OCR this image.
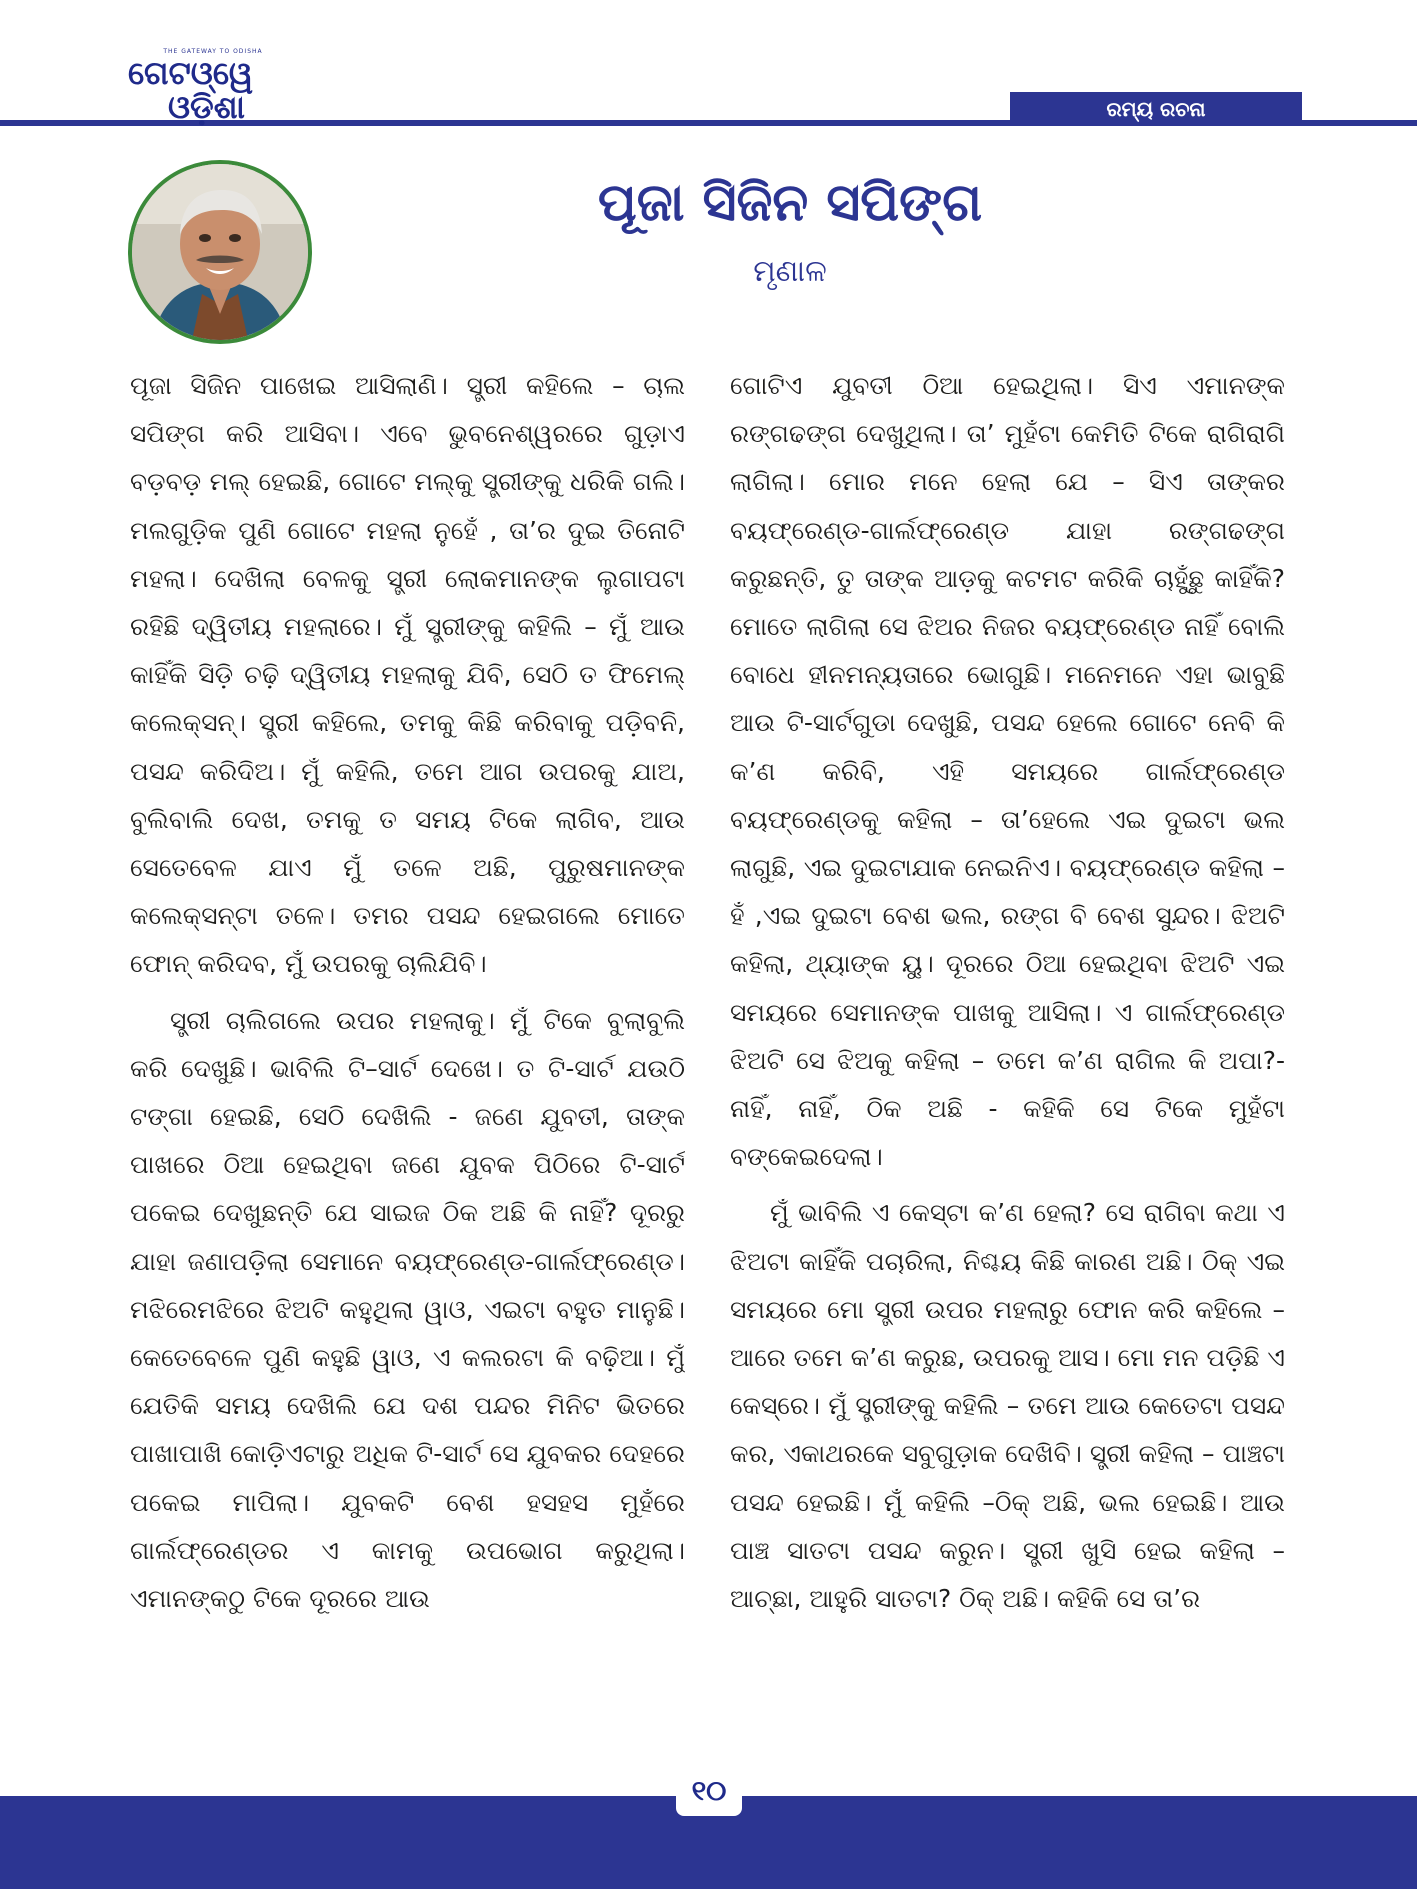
THE GATEWAY TO ODISHA
ଗେଟଓ୍ୱେ
ଓଡ଼ିଶା	ରମ୍ୟ ରଚନା
ପୂଜା ସିଜିନ ସପିଙ୍ଗ
ମୃଣାଳ

ପୂଜା ସିଜିନ ପାଖେଇ ଆସିଲାଣି। ସ୍ତ୍ରୀ କହିଲେ – ଚାଲ ସପିଙ୍ଗ କରି ଆସିବା। ଏବେ ଭୁବନେଶ୍ୱରରେ ଗୁଡ଼ାଏ ବଡ଼ବଡ଼ ମଲ୍ ହେଇଛି, ଗୋଟେ ମଲ୍‌କୁ ସ୍ତ୍ରୀଙ୍କୁ ଧରିକି ଗଲି। ମଲଗୁଡ଼ିକ ପୁଣି ଗୋଟେ ମହଲା ନୁହେଁ , ତା’ର ଦୁଇ ତିନୋଟି ମହଲା। ଦେଖିଲା ବେଳକୁ ସ୍ତ୍ରୀ ଲୋକମାନଙ୍କ ଲୁଗାପଟା ରହିଛି ଦ୍ୱିତୀୟ ମହଲାରେ। ମୁଁ ସ୍ତ୍ରୀଙ୍କୁ କହିଲି – ମୁଁ ଆଉ କାହିଁକି ସିଡ଼ି ଚଢ଼ି ଦ୍ୱିତୀୟ ମହଲାକୁ ଯିବି, ସେଠି ତ ଫିମେଲ୍ କଲେକ୍ସନ୍। ସ୍ତ୍ରୀ କହିଲେ, ତମକୁ କିଛି କରିବାକୁ ପଡ଼ିବନି, ପସନ୍ଦ କରିଦିଅ। ମୁଁ କହିଲି, ତମେ ଆଗ ଉପରକୁ ଯାଅ, ବୁଲିବାଲି ଦେଖ, ତମକୁ ତ ସମୟ ଟିକେ ଲାଗିବ, ଆଉ ସେତେବେଳ ଯାଏ ମୁଁ ତଳେ ଅଛି, ପୁରୁଷମାନଙ୍କ କଲେକ୍ସନ୍‌ଟା ତଳେ। ତମର ପସନ୍ଦ ହେଇଗଲେ ମୋତେ ଫୋନ୍ କରିଦବ, ମୁଁ ଉପରକୁ ଚାଲିଯିବି।

ସ୍ତ୍ରୀ ଚାଲିଗଲେ ଉପର ମହଲାକୁ। ମୁଁ ଟିକେ ବୁଲାବୁଲି କରି ଦେଖୁଛି। ଭାବିଲି ଟି–ସାର୍ଟ ଦେଖେ। ତ ଟି-ସାର୍ଟ ଯଉଠି ଟଙ୍ଗା ହେଇଛି, ସେଠି ଦେଖିଲି - ଜଣେ ଯୁବତୀ, ତାଙ୍କ ପାଖରେ ଠିଆ ହେଇଥିବା ଜଣେ ଯୁବକ ପିଠିରେ ଟି-ସାର୍ଟ ପକେଇ ଦେଖୁଛନ୍ତି ଯେ ସାଇଜ ଠିକ ଅଛି କି ନାହିଁ? ଦୂରରୁ ଯାହା ଜଣାପଡ଼ିଲା ସେମାନେ ବୟଫ୍ରେଣ୍ଡ-ଗାର୍ଲଫ୍ରେଣ୍ଡ। ମଝିରେମଝିରେ ଝିଅଟି କହୁଥିଲା ୱାଓ, ଏଇଟା ବହୁତ ମାନୁଛି। କେତେବେଳେ ପୁଣି କହୁଛି ୱାଓ, ଏ କଲରଟା କି ବଢ଼ିଆ। ମୁଁ ଯେତିକି ସମୟ ଦେଖିଲି ଯେ ଦଶ ପନ୍ଦର ମିନିଟ ଭିତରେ ପାଖାପାଖି କୋଡ଼ିଏଟାରୁ ଅଧିକ ଟି-ସାର୍ଟ ସେ ଯୁବକର ଦେହରେ ପକେଇ ମାପିଲା। ଯୁବକଟି ବେଶ ହସହସ ମୁହଁରେ ଗାର୍ଲଫ୍ରେଣ୍ଡର ଏ କାମକୁ ଉପଭୋଗ କରୁଥିଲା। ଏମାନଙ୍କଠୁ ଟିକେ ଦୂରରେ ଆଉ

ଗୋଟିଏ ଯୁବତୀ ଠିଆ ହେଇଥିଲା। ସିଏ ଏମାନଙ୍କ ରଙ୍ଗଢଙ୍ଗ ଦେଖୁଥିଲା। ତା’ ମୁହଁଟା କେମିତି ଟିକେ ରାଗିରାଗି ଲାଗିଲା। ମୋର ମନେ ହେଲା ଯେ – ସିଏ ତାଙ୍କର ବୟଫ୍ରେଣ୍ଡ-ଗାର୍ଲଫ୍ରେଣ୍ଡ ଯାହା ରଙ୍ଗଢଙ୍ଗ କରୁଛନ୍ତି, ତୁ ତାଙ୍କ ଆଡ଼କୁ କଟମଟ କରିକି ଚାହୁଁଛୁ କାହିଁକି? ମୋତେ ଲାଗିଲା ସେ ଝିଅର ନିଜର ବୟଫ୍ରେଣ୍ଡ ନାହିଁ ବୋଲି ବୋଧେ ହୀନମନ୍ୟତାରେ ଭୋଗୁଛି। ମନେମନେ ଏହା ଭାବୁଛି ଆଉ ଟି-ସାର୍ଟଗୁଡା ଦେଖୁଛି, ପସନ୍ଦ ହେଲେ ଗୋଟେ ନେବି କି କ’ଣ କରିବି, ଏହି ସମୟରେ ଗାର୍ଲଫ୍ରେଣ୍ଡ ବୟଫ୍ରେଣ୍ଡକୁ କହିଲା – ତା’ହେଲେ ଏଇ ଦୁଇଟା ଭଲ ଲାଗୁଛି, ଏଇ ଦୁଇଟାଯାକ ନେଇନିଏ। ବୟଫ୍ରେଣ୍ଡ କହିଲା – ହଁ ,ଏଇ ଦୁଇଟା ବେଶ ଭଲ, ରଙ୍ଗ ବି ବେଶ ସୁନ୍ଦର। ଝିଅଟି କହିଲା, ଥ୍ୟାଙ୍କ ୟୁ। ଦୂରରେ ଠିଆ ହେଇଥିବା ଝିଅଟି ଏଇ ସମୟରେ ସେମାନଙ୍କ ପାଖକୁ ଆସିଲା। ଏ ଗାର୍ଲଫ୍ରେଣ୍ଡ ଝିଅଟି ସେ ଝିଅକୁ କହିଲା – ତମେ କ’ଣ ରାଗିଲ କି ଅପା?- ନାହିଁ, ନାହିଁ, ଠିକ ଅଛି - କହିକି ସେ ଟିକେ ମୁହଁଟା ବଙ୍କେଇଦେଲା।

ମୁଁ ଭାବିଲି ଏ କେସ୍‌ଟା କ’ଣ ହେଲା? ସେ ରାଗିବା କଥା ଏ ଝିଅଟା କାହିଁକି ପଚାରିଲା, ନିଶ୍ଚୟ କିଛି କାରଣ ଅଛି। ଠିକ୍ ଏଇ ସମୟରେ ମୋ ସ୍ତ୍ରୀ ଉପର ମହଲାରୁ ଫୋନ କରି କହିଲେ – ଆରେ ତମେ କ’ଣ କରୁଛ, ଉପରକୁ ଆସ। ମୋ ମନ ପଡ଼ିଛି ଏ କେସ୍‌ରେ। ମୁଁ ସ୍ତ୍ରୀଙ୍କୁ କହିଲି – ତମେ ଆଉ କେତେଟା ପସନ୍ଦ କର, ଏକାଥରକେ ସବୁଗୁଡ଼ାକ ଦେଖିବି। ସ୍ତ୍ରୀ କହିଲା – ପାଞ୍ଚଟା ପସନ୍ଦ ହେଇଛି। ମୁଁ କହିଲି –ଠିକ୍ ଅଛି, ଭଲ ହେଇଛି। ଆଉ ପାଞ୍ଚ ସାତଟା ପସନ୍ଦ କରୁନ। ସ୍ତ୍ରୀ ଖୁସି ହେଇ କହିଲା – ଆଚ୍ଛା, ଆହୁରି ସାତଟା? ଠିକ୍ ଅଛି। କହିକି ସେ ତା’ର

୧୦
